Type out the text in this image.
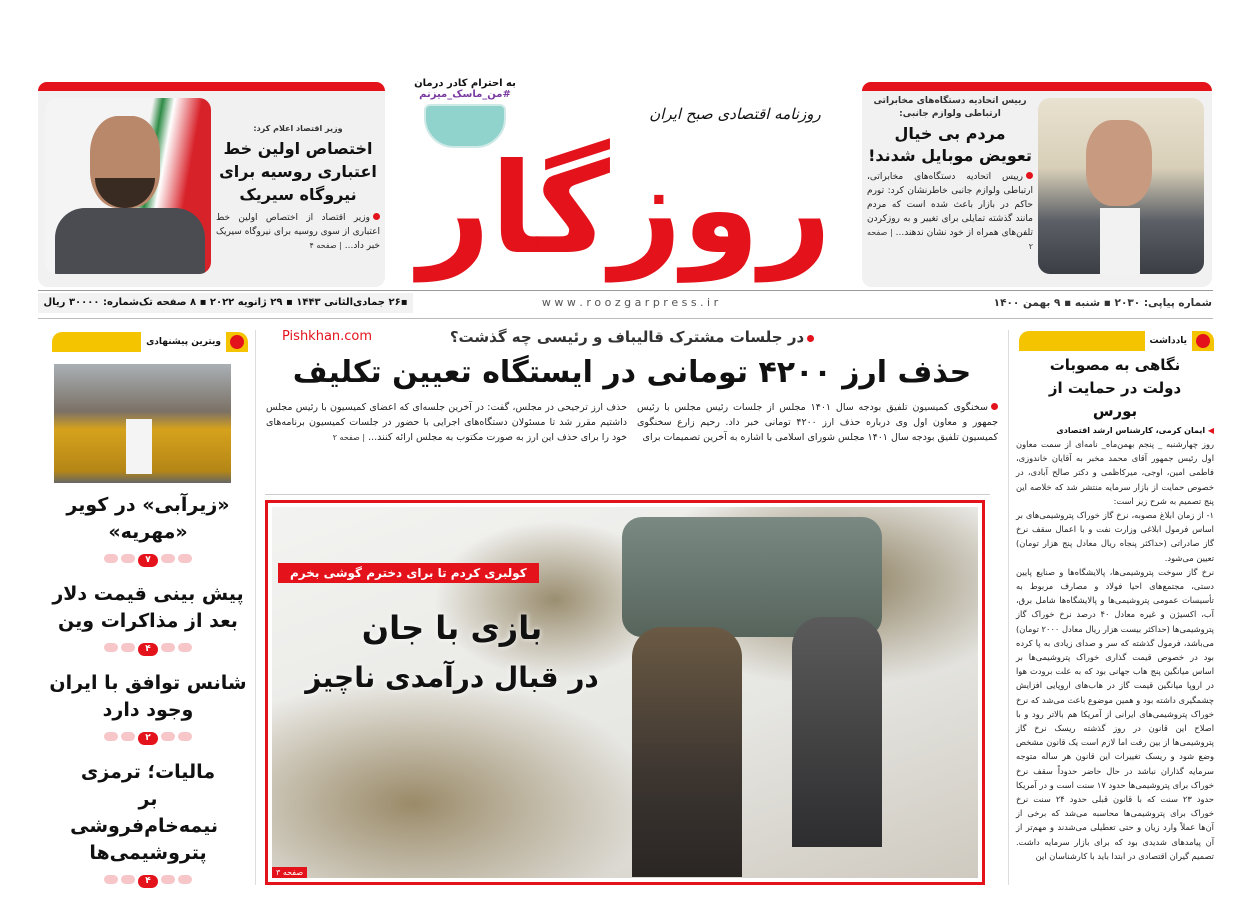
رییس اتحادیه دستگاه‌های مخابراتی ارتباطی ولوازم جانبی:
مردم بی خیال تعویض موبایل شدند!
رییس اتحادیه دستگاه‌های مخابراتی، ارتباطی ولوازم جانبی خاطرنشان کرد: تورم حاکم در بازار باعث شده است که مردم مانند گذشته تمایلی برای تغییر و به روزکردن تلفن‌های همراه از خود نشان ندهند... | صفحه ۲
وزیر اقتصاد اعلام کرد:
اختصاص اولین خط اعتباری روسیه برای نیروگاه سیریک
وزیر اقتصاد از اختصاص اولین خط اعتباری از سوی روسیه برای نیروگاه سیریک خبر داد... | صفحه ۴
به احترام کادر درمان
#من_ماسک_میزنم
روزنامه اقتصادی صبح ایران
روزگار
w w w . r o o z g a r p r e s s . i r	شماره پیاپی: ۲۰۳۰ ▪ شنبه ▪ ۹ بهمن ۱۴۰۰
▪۲۶ جمادی‌الثانی ۱۴۴۳ ▪ ۲۹ ژانویه ۲۰۲۲ ▪ ۸ صفحه تک‌شماره: ۳۰۰۰۰ ریال
ویترین پیشنهادی
«زیرآبی» در کویر «مهریه»
۷
پیش بینی قیمت دلار بعد از مذاکرات وین
۴
شانس توافق با ایران وجود دارد
۲
مالیات؛ ترمزی بر نیمه‌خام‌فروشی پتروشیمی‌ها
۴
در جلسات مشترک قالیباف و رئیسی چه گذشت؟
Pishkhan.com
حذف ارز ۴۲۰۰ تومانی در ایستگاه تعیین تکلیف
سخنگوی کمیسیون تلفیق بودجه سال ۱۴۰۱ مجلس از جلسات رئیس مجلس با رئیس جمهور و معاون اول وی درباره حذف ارز ۴۲۰۰ تومانی خبر داد. رحیم زارع سخنگوی کمیسیون تلفیق بودجه سال ۱۴۰۱ مجلس شورای اسلامی با اشاره به آخرین تصمیمات برای
حذف ارز ترجیحی در مجلس، گفت: در آخرین جلسه‌ای که اعضای کمیسیون با رئیس مجلس داشتیم مقرر شد تا مسئولان دستگاه‌های اجرایی با حضور در جلسات کمیسیون برنامه‌های خود را برای حذف این ارز به صورت مکتوب به مجلس ارائه کنند... | صفحه ۲
کولبری کردم تا برای دخترم گوشی بخرم
بازی با جان
در قبال درآمدی ناچیز
صفحه ۳
یادداشت
نگاهی به مصوبات دولت در حمایت از بورس
◀ ایمان کرمی، کارشناس ارشد اقتصادی

روز چهارشنبه _ پنجم بهمن‌ماه_ نامه‌ای از سمت معاون اول رئیس جمهور آقای محمد مخبر به آقایان خاندوزی، فاطمی امین، اوجی، میرکاظمی و دکتر صالح آبادی، در خصوص حمایت از بازار سرمایه منتشر شد که خلاصه این پنج تصمیم به شرح زیر است:

۱- از زمان ابلاغ مصوبه، نرخ گاز خوراک پتروشیمی‌های بر اساس فرمول ابلاغی وزارت نفت و با اعمال سقف نرخ گاز صادراتی (حداکثر پنجاه ریال معادل پنج هزار تومان) تعیین می‌شود.

نرخ گاز سوخت پتروشیمی‌ها، پالایشگاه‌ها و صنایع پایین دستی، مجتمع‌های احیا فولاد و مصارف مربوط به تأسیسات عمومی پتروشیمی‌ها و پالایشگاه‌ها شامل برق، آب، اکسیژن و غیره معادل ۴۰ درصد نرخ خوراک گاز پتروشیمی‌ها (حداکثر بیست هزار ریال معادل ۲۰۰۰ تومان) می‌باشد، فرمول گذشته که سر و صدای زیادی به پا کرده بود در خصوص قیمت گذاری خوراک پتروشیمی‌ها بر اساس میانگین پنج هاب جهانی بود که به علت برودت هوا در اروپا میانگین قیمت گاز در هاب‌های اروپایی افزایش چشمگیری داشته بود و همین موضوع باعث می‌شد که نرخ خوراک پتروشیمی‌های ایرانی از آمریکا هم بالاتر رود و با اصلاح این قانون در روز گذشته ریسک نرخ گاز پتروشیمی‌ها از بین رفت اما لازم است یک قانون مشخص وضع شود و ریسک تغییرات این قانون هر ساله متوجه سرمایه گذاران نباشد در حال حاضر حدوداً سقف نرخ خوراک برای پتروشیمی‌ها حدود ۱۷ سنت است و در آمریکا حدود ۲۳ سنت که با قانون قبلی حدود ۲۴ سنت نرخ خوراک برای پتروشیمی‌ها محاسبه می‌شد که برخی از آن‌ها عملاً وارد زیان و حتی تعطیلی می‌شدند و مهم‌تر از آن پیامدهای شدیدی بود که برای بازار سرمایه داشت. تصمیم گیران اقتصادی در ابتدا باید با کارشناسان این
